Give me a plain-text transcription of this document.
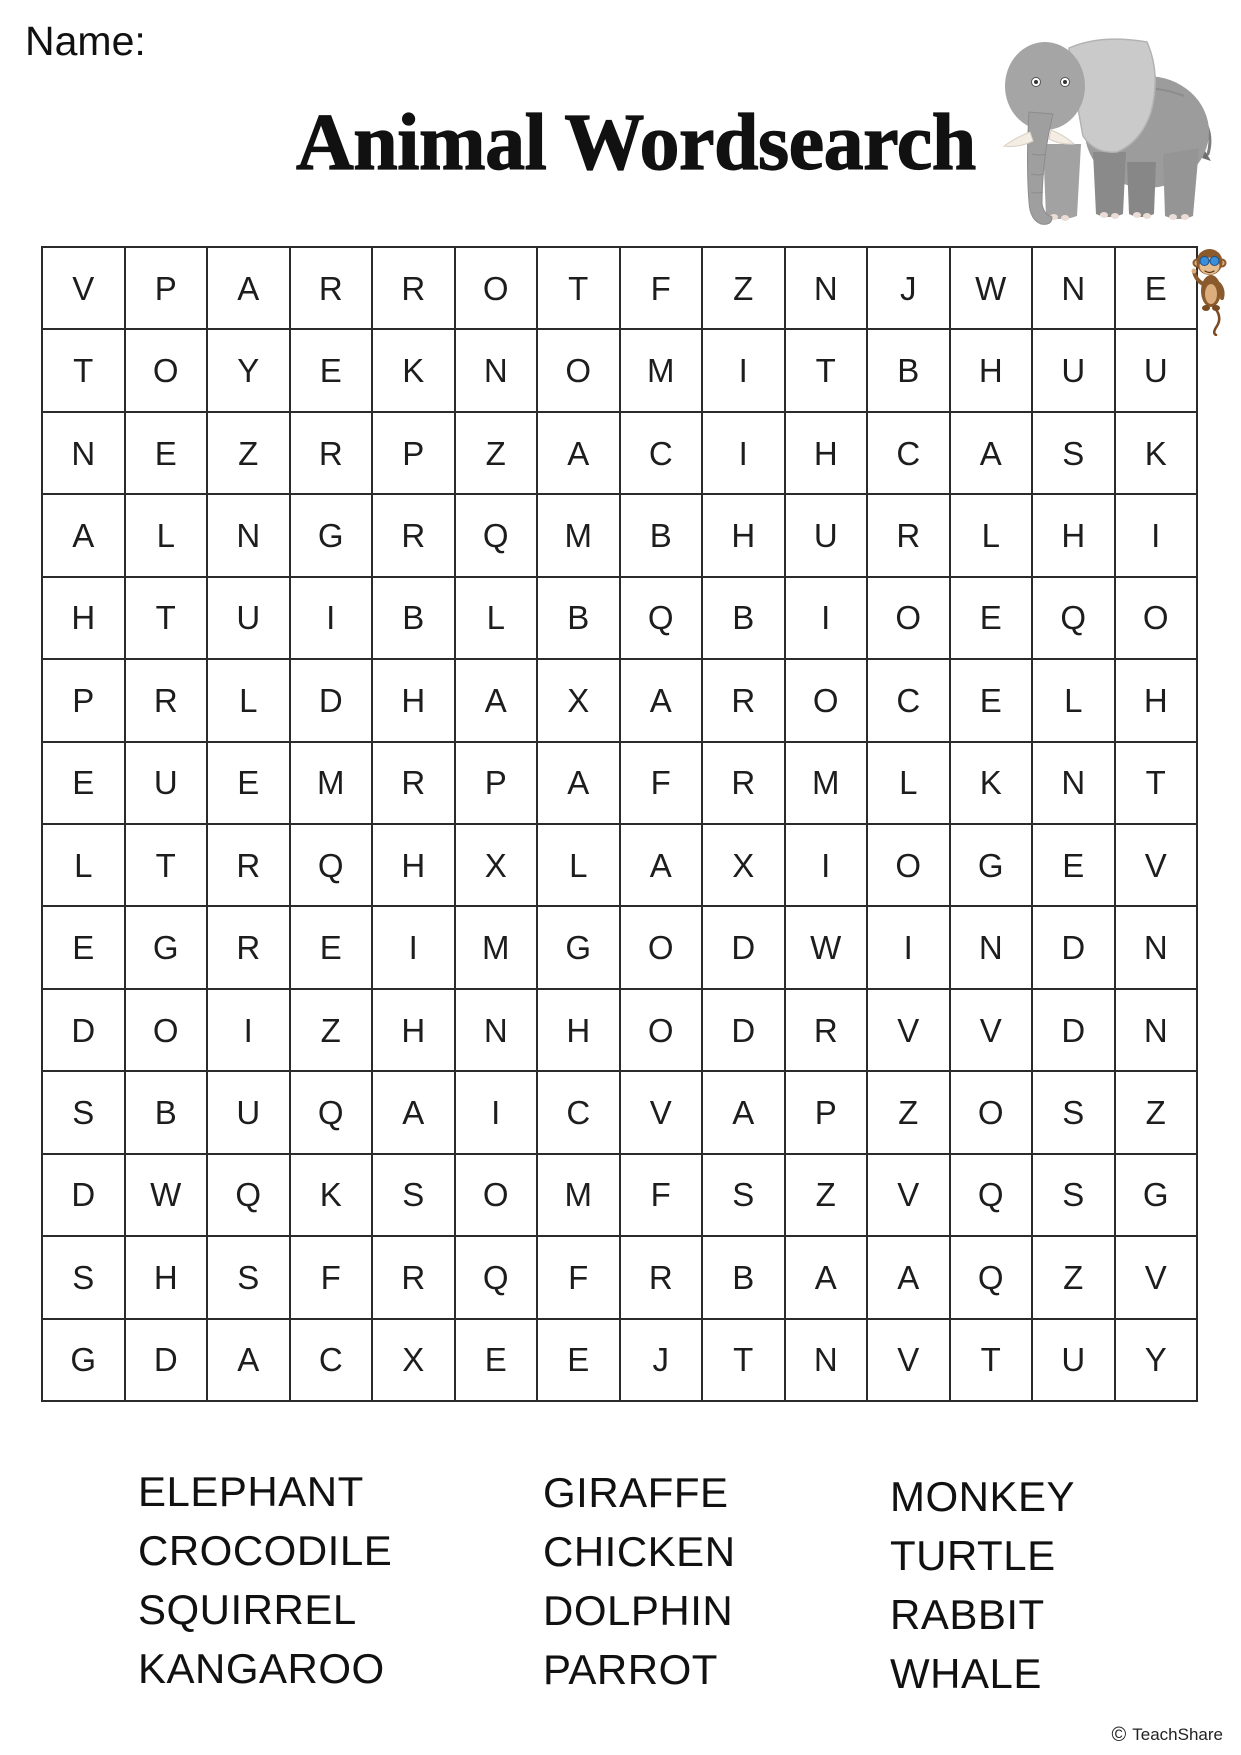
Name:
Animal Wordsearch
V	P	A	R	R	O	T	F	Z	N	J	W	N	E
T	O	Y	E	K	N	O	M	I	T	B	H	U	U
N	E	Z	R	P	Z	A	C	I	H	C	A	S	K
A	L	N	G	R	Q	M	B	H	U	R	L	H	I
H	T	U	I	B	L	B	Q	B	I	O	E	Q	O
P	R	L	D	H	A	X	A	R	O	C	E	L	H
E	U	E	M	R	P	A	F	R	M	L	K	N	T
L	T	R	Q	H	X	L	A	X	I	O	G	E	V
E	G	R	E	I	M	G	O	D	W	I	N	D	N
D	O	I	Z	H	N	H	O	D	R	V	V	D	N
S	B	U	Q	A	I	C	V	A	P	Z	O	S	Z
D	W	Q	K	S	O	M	F	S	Z	V	Q	S	G
S	H	S	F	R	Q	F	R	B	A	A	Q	Z	V
G	D	A	C	X	E	E	J	T	N	V	T	U	Y
ELEPHANT
CROCODILE
SQUIRREL
KANGAROO
GIRAFFE
CHICKEN
DOLPHIN
PARROT
MONKEY
TURTLE
RABBIT
WHALE
© TeachShare
